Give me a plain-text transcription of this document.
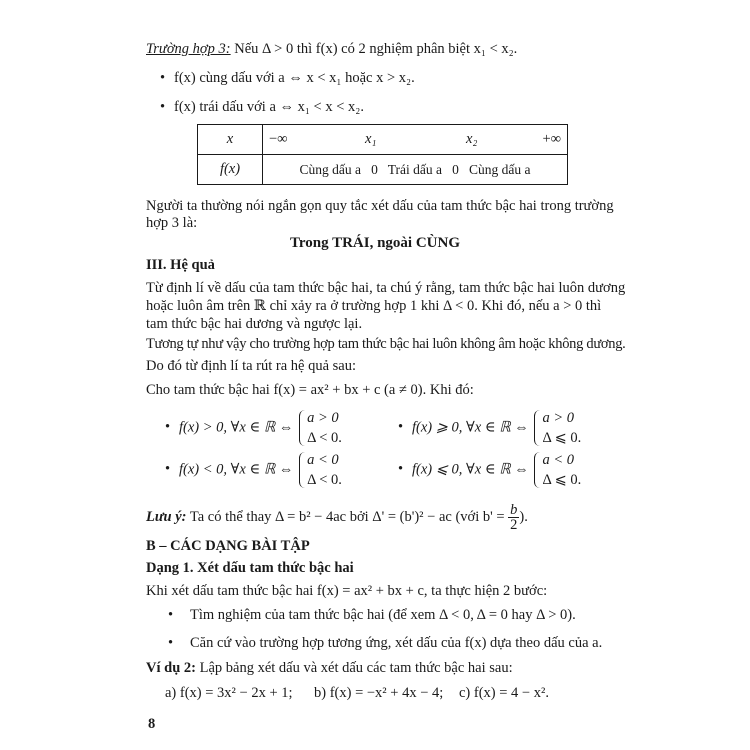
Trường hợp 3: Nếu Δ > 0 thì f(x) có 2 nghiệm phân biệt x₁ < x₂.
• f(x) cùng dấu với a ⇔ x < x₁ hoặc x > x₂.
• f(x) trái dấu với a ⇔ x₁ < x < x₂.
x	−∞ x₁ x₂ +∞

f(x)	Cùng dấu a 0 Trái dấu a 0 Cùng dấu a
Người ta thường nói ngắn gọn quy tắc xét dấu của tam thức bậc hai trong trường
hợp 3 là:
Trong TRÁI, ngoài CÙNG
III. Hệ quả
Từ định lí về dấu của tam thức bậc hai, ta chú ý rằng, tam thức bậc hai luôn dương
hoặc luôn âm trên ℝ chỉ xảy ra ở trường hợp 1 khi Δ < 0. Khi đó, nếu a > 0 thì
tam thức bậc hai dương và ngược lại.
Tương tự như vậy cho trường hợp tam thức bậc hai luôn không âm hoặc không dương.
Do đó từ định lí ta rút ra hệ quả sau:
Cho tam thức bậc hai f(x) = ax² + bx + c (a ≠ 0). Khi đó:
• f(x) > 0, ∀x ∈ ℝ ⇔ a > 0
Δ < 0.
• f(x) ⩾ 0, ∀x ∈ ℝ ⇔ a > 0
Δ ⩽ 0.
• f(x) < 0, ∀x ∈ ℝ ⇔ a < 0
Δ < 0.
• f(x) ⩽ 0, ∀x ∈ ℝ ⇔ a < 0
Δ ⩽ 0.
Lưu ý: Ta có thể thay Δ = b² − 4ac bởi Δ' = (b')² − ac (với $b' = \frac{b}{2}$ ).
B – CÁC DẠNG BÀI TẬP
Dạng 1. Xét dấu tam thức bậc hai
Khi xét dấu tam thức bậc hai f(x) = ax² + bx + c, ta thực hiện 2 bước:
• Tìm nghiệm của tam thức bậc hai (để xem Δ < 0, Δ = 0 hay Δ > 0).
• Căn cứ vào trường hợp tương ứng, xét dấu của f(x) dựa theo dấu của a.
Ví dụ 2: Lập bảng xét dấu và xét dấu các tam thức bậc hai sau:
a) f(x) = 3x² − 2x + 1; b) f(x) = −x² + 4x − 4; c) f(x) = 4 − x².
8
